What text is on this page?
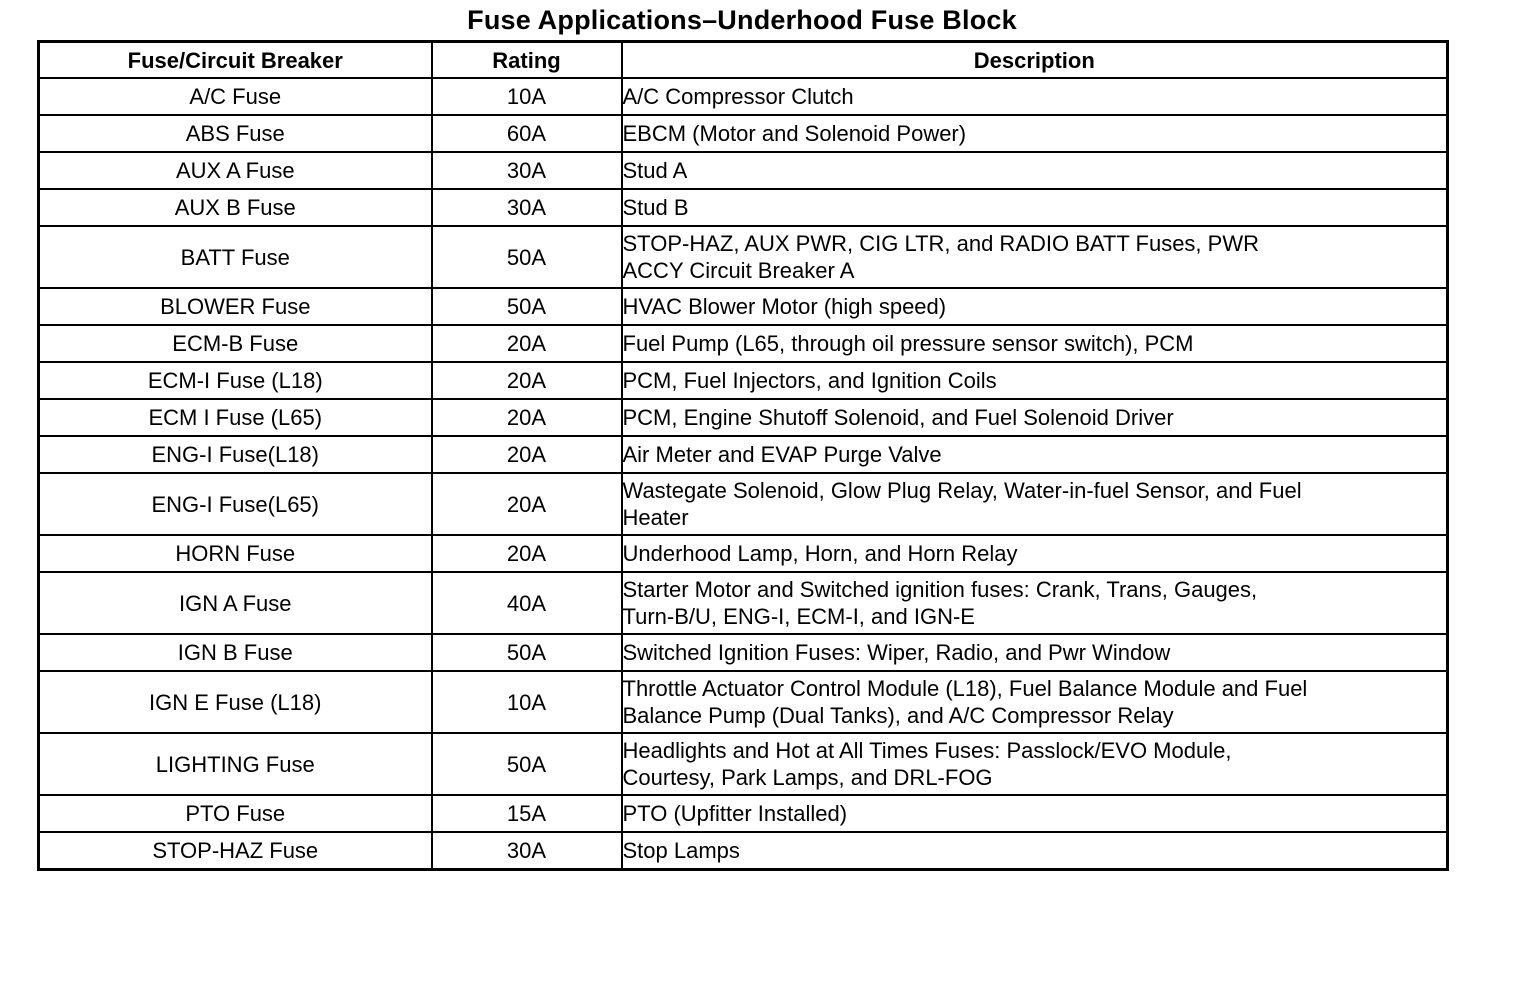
Fuse Applications–Underhood Fuse Block
Fuse/Circuit Breaker	Rating	Description
A/C Fuse	10A	A/C Compressor Clutch

ABS Fuse	60A	EBCM (Motor and Solenoid Power)

AUX A Fuse	30A	Stud A

AUX B Fuse	30A	Stud B

BATT Fuse	50A	STOP-HAZ, AUX PWR, CIG LTR, and RADIO BATT Fuses, PWR
ACCY Circuit Breaker A

BLOWER Fuse	50A	HVAC Blower Motor (high speed)

ECM-B Fuse	20A	Fuel Pump (L65, through oil pressure sensor switch), PCM

ECM-I Fuse (L18)	20A	PCM, Fuel Injectors, and Ignition Coils

ECM I Fuse (L65)	20A	PCM, Engine Shutoff Solenoid, and Fuel Solenoid Driver

ENG-I Fuse(L18)	20A	Air Meter and EVAP Purge Valve

ENG-I Fuse(L65)	20A	Wastegate Solenoid, Glow Plug Relay, Water-in-fuel Sensor, and Fuel
Heater

HORN Fuse	20A	Underhood Lamp, Horn, and Horn Relay

IGN A Fuse	40A	Starter Motor and Switched ignition fuses: Crank, Trans, Gauges,
Turn-B/U, ENG-I, ECM-I, and IGN-E

IGN B Fuse	50A	Switched Ignition Fuses: Wiper, Radio, and Pwr Window

IGN E Fuse (L18)	10A	Throttle Actuator Control Module (L18), Fuel Balance Module and Fuel
Balance Pump (Dual Tanks), and A/C Compressor Relay

LIGHTING Fuse	50A	Headlights and Hot at All Times Fuses: Passlock/EVO Module,
Courtesy, Park Lamps, and DRL-FOG

PTO Fuse	15A	PTO (Upfitter Installed)

STOP-HAZ Fuse	30A	Stop Lamps
